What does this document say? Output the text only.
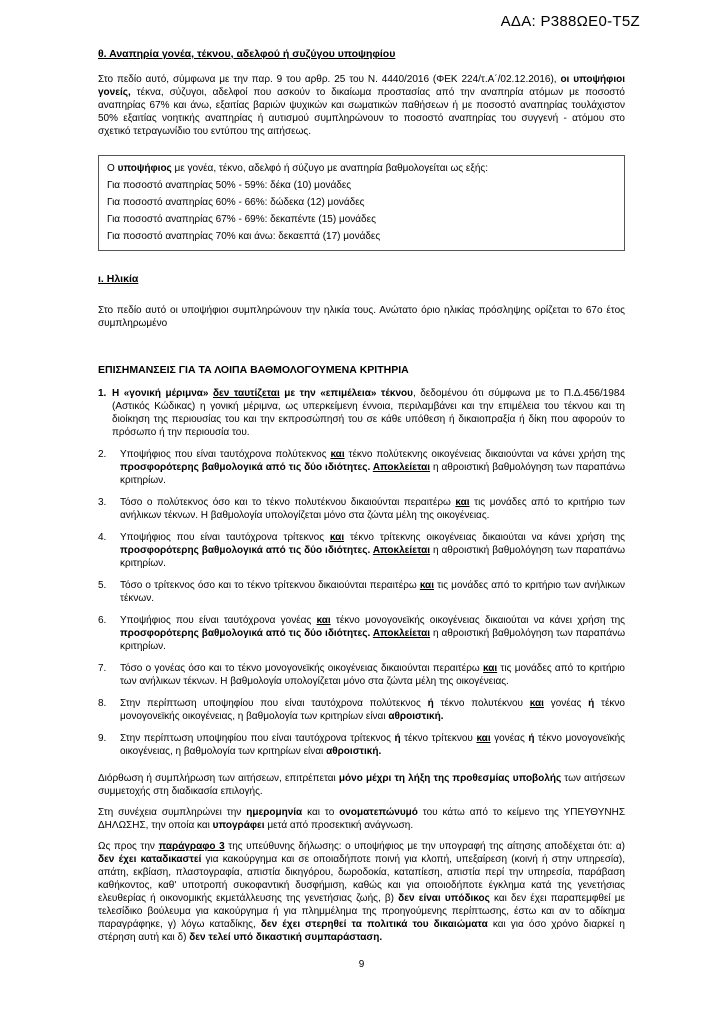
ΑΔΑ: Ρ388ΩΕ0-Τ5Ζ
θ. Αναπηρία γονέα, τέκνου, αδελφού ή συζύγου υποψηφίου

Στο πεδίο αυτό, σύμφωνα με την παρ. 9 του αρθρ. 25 του Ν. 4440/2016 (ΦΕΚ 224/τ.Α΄/02.12.2016), οι υποψήφιοι γονείς, τέκνα, σύζυγοι, αδελφοί που ασκούν το δικαίωμα προστασίας από την αναπηρία ατόμων με ποσοστό αναπηρίας 67% και άνω, εξαιτίας βαριών ψυχικών και σωματικών παθήσεων ή με ποσοστό αναπηρίας τουλάχιστον 50% εξαιτίας νοητικής αναπηρίας ή αυτισμού συμπληρώνουν το ποσοστό αναπηρίας του συγγενή - ατόμου στο σχετικό τετραγωνίδιο του εντύπου της αιτήσεως.

Ο υποψήφιος με γονέα, τέκνο, αδελφό ή σύζυγο με αναπηρία βαθμολογείται ως εξής:

Για ποσοστό αναπηρίας 50% - 59%: δέκα (10) μονάδες

Για ποσοστό αναπηρίας 60% - 66%: δώδεκα (12) μονάδες

Για ποσοστό αναπηρίας 67% - 69%: δεκαπέντε (15) μονάδες

Για ποσοστό αναπηρίας 70% και άνω: δεκαεπτά (17) μονάδες

ι. Ηλικία

Στο πεδίο αυτό οι υποψήφιοι συμπληρώνουν την ηλικία τους. Ανώτατο όριο ηλικίας πρόσληψης ορίζεται το 67ο έτος συμπληρωμένο

ΕΠΙΣΗΜΑΝΣΕΙΣ ΓΙΑ ΤΑ ΛΟΙΠΑ ΒΑΘΜΟΛΟΓΟΥΜΕΝΑ ΚΡΙΤΗΡΙΑ
1. Η «γονική μέριμνα» δεν ταυτίζεται με την «επιμέλεια» τέκνου, δεδομένου ότι σύμφωνα με το Π.Δ.456/1984 (Αστικός Κώδικας) η γονική μέριμνα, ως υπερκείμενη έννοια, περιλαμβάνει και την επιμέλεια του τέκνου και τη διοίκηση της περιουσίας του και την εκπροσώπησή του σε κάθε υπόθεση ή δικαιοπραξία ή δίκη που αφορούν το πρόσωπο ή την περιουσία του.
2.	Υποψήφιος που είναι ταυτόχρονα πολύτεκνος και τέκνο πολύτεκνης οικογένειας δικαιούνται να κάνει χρήση της προσφορότερης βαθμολογικά από τις δύο ιδιότητες. Αποκλείεται η αθροιστική βαθμολόγηση των παραπάνω κριτηρίων.
3.	Τόσο ο πολύτεκνος όσο και το τέκνο πολυτέκνου δικαιούνται περαιτέρω και τις μονάδες από το κριτήριο των ανήλικων τέκνων. Η βαθμολογία υπολογίζεται μόνο στα ζώντα μέλη της οικογένειας.
4.	Υποψήφιος που είναι ταυτόχρονα τρίτεκνος και τέκνο τρίτεκνης οικογένειας δικαιούται να κάνει χρήση της προσφορότερης βαθμολογικά από τις δύο ιδιότητες. Αποκλείεται η αθροιστική βαθμολόγηση των παραπάνω κριτηρίων.
5.	Τόσο ο τρίτεκνος όσο και το τέκνο τρίτεκνου δικαιούνται περαιτέρω και τις μονάδες από το κριτήριο των ανήλικων τέκνων.
6.	Υποψήφιος που είναι ταυτόχρονα γονέας και τέκνο μονογονεϊκής οικογένειας δικαιούται να κάνει χρήση της προσφορότερης βαθμολογικά από τις δύο ιδιότητες. Αποκλείεται η αθροιστική βαθμολόγηση των παραπάνω κριτηρίων.
7.	Τόσο ο γονέας όσο και το τέκνο μονογονεϊκής οικογένειας δικαιούνται περαιτέρω και τις μονάδες από το κριτήριο των ανήλικων τέκνων. Η βαθμολογία υπολογίζεται μόνο στα ζώντα μέλη της οικογένειας.
8.	Στην περίπτωση υποψηφίου που είναι ταυτόχρονα πολύτεκνος ή τέκνο πολυτέκνου και γονέας ή τέκνο μονογονεϊκής οικογένειας, η βαθμολογία των κριτηρίων είναι αθροιστική.
9.	Στην περίπτωση υποψηφίου που είναι ταυτόχρονα τρίτεκνος ή τέκνο τρίτεκνου και γονέας ή τέκνο μονογονεϊκής οικογένειας, η βαθμολογία των κριτηρίων είναι αθροιστική.

Διόρθωση ή συμπλήρωση των αιτήσεων, επιτρέπεται μόνο μέχρι τη λήξη της προθεσμίας υποβολής των αιτήσεων συμμετοχής στη διαδικασία επιλογής.

Στη συνέχεια συμπληρώνει την ημερομηνία και το ονοματεπώνυμό του κάτω από το κείμενο της ΥΠΕΥΘΥΝΗΣ ΔΗΛΩΣΗΣ, την οποία και υπογράφει μετά από προσεκτική ανάγνωση.

Ως προς την παράγραφο 3 της υπεύθυνης δήλωσης: ο υποψήφιος με την υπογραφή της αίτησης αποδέχεται ότι: α) δεν έχει καταδικαστεί για κακούργημα και σε οποιαδήποτε ποινή για κλοπή, υπεξαίρεση (κοινή ή στην υπηρεσία), απάτη, εκβίαση, πλαστογραφία, απιστία δικηγόρου, δωροδοκία, καταπίεση, απιστία περί την υπηρεσία, παράβαση καθήκοντος, καθ' υποτροπή συκοφαντική δυσφήμιση, καθώς και για οποιοδήποτε έγκλημα κατά της γενετήσιας ελευθερίας ή οικονομικής εκμετάλλευσης της γενετήσιας ζωής, β) δεν είναι υπόδικος και δεν έχει παραπεμφθεί με τελεσίδικο βούλευμα για κακούργημα ή για πλημμέλημα της προηγούμενης περίπτωσης, έστω και αν το αδίκημα παραγράφηκε, γ) λόγω καταδίκης, δεν έχει στερηθεί τα πολιτικά του δικαιώματα και για όσο χρόνο διαρκεί η στέρηση αυτή και δ) δεν τελεί υπό δικαστική συμπαράσταση.

9
